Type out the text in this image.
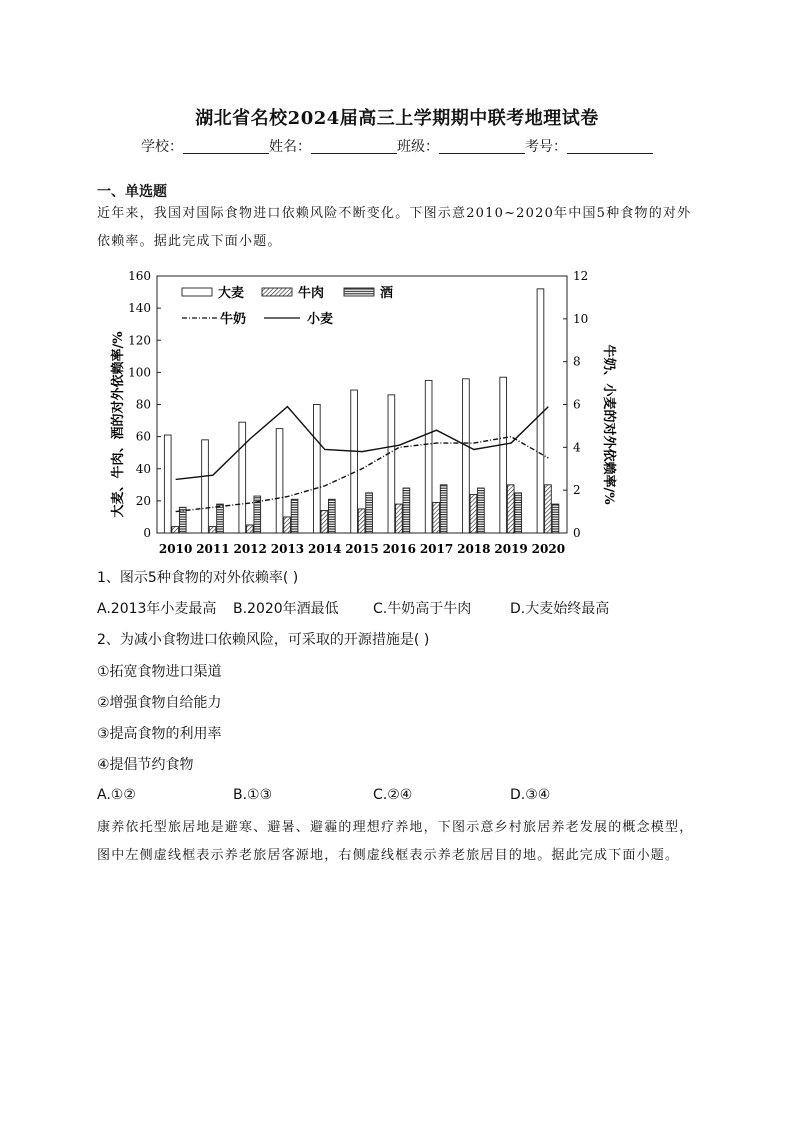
湖北省名校2024届高三上学期期中联考地理试卷
学校：	姓名：	班级：	考号：
一、单选题
近年来，我国对国际食物进口依赖风险不断变化。下图示意2010~2020年中国5种食物的对外依赖率。据此完成下面小题。
0
20
40
60
80
100
120
140
160
0
2
4
6
8
10
12
2010 2011 2012 2013 2014 2015 2016 2017 2018 2019 2020
大麦、牛肉、酒的对外依赖率/%	牛奶、小麦的对外依赖率/%
大麦	牛肉	酒
牛奶	小麦
1、图示5种食物的对外依赖率( )
A.2013年小麦最高 B.2020年酒最低 C.牛奶高于牛肉	D.大麦始终最高
2、为减小食物进口依赖风险，可采取的开源措施是( )
①拓宽食物进口渠道
②增强食物自给能力
③提高食物的利用率
④提倡节约食物
A.①②	B.①③	C.②④	D.③④
康养依托型旅居地是避寒、避暑、避霾的理想疗养地，下图示意乡村旅居养老发展的概念模型，图中左侧虚线框表示养老旅居客源地，右侧虚线框表示养老旅居目的地。据此完成下面小题。
